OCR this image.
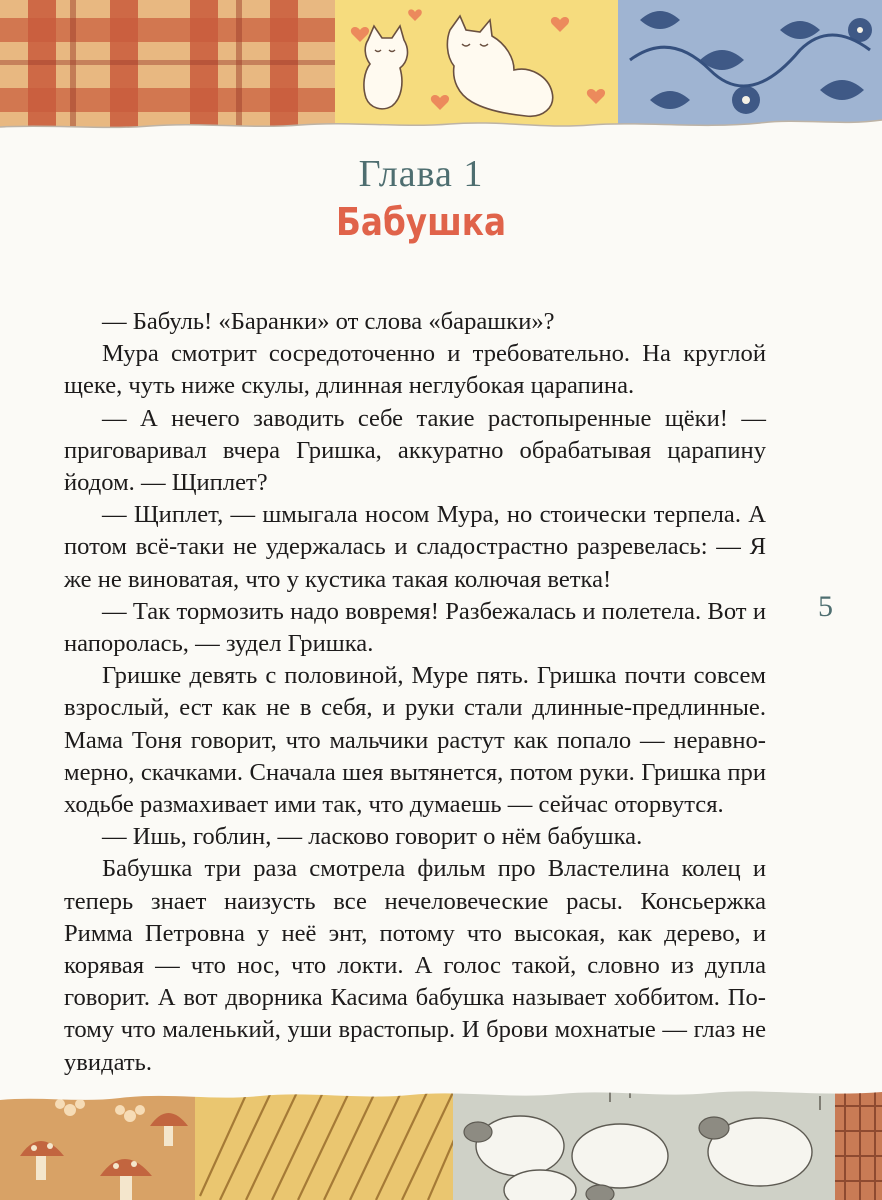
Глава 1
Бабушка

— Бабуль! «Баранки» от слова «барашки»?

Мура смотрит сосредоточенно и требовательно. На круглой щеке, чуть ниже скулы, длинная неглубокая царапина.

— А нечего заводить себе такие растопыренные щёки! — приговаривал вчера Гришка, аккуратно обрабатывая царапину йодом. — Щиплет?

— Щиплет, — шмыгала носом Мура, но стоически терпела. А потом всё-таки не удержалась и сладострастно разревелась: — Я же не виноватая, что у кустика такая колючая ветка!

— Так тормозить надо вовремя! Разбежалась и полетела. Вот и напоролась, — зудел Гришка.

Гришке девять с половиной, Муре пять. Гришка почти совсем взрослый, ест как не в себя, и руки стали длинные-предлинные. Мама Тоня говорит, что мальчики растут как попало — неравномерно, скачками. Сначала шея вытянется, потом руки. Гришка при ходьбе размахивает ими так, что думаешь — сейчас оторвутся.

— Ишь, гоблин, — ласково говорит о нём бабушка.

Бабушка три раза смотрела фильм про Властелина колец и теперь знает наизусть все нечеловеческие расы. Консьержка Римма Петровна у неё энт, потому что высокая, как дерево, и корявая — что нос, что локти. А голос такой, словно из дупла говорит. А вот дворника Касима бабушка называет хоббитом. Потому что маленький, уши врастопыр. И брови мохнатые — глаз не увидать.

5
